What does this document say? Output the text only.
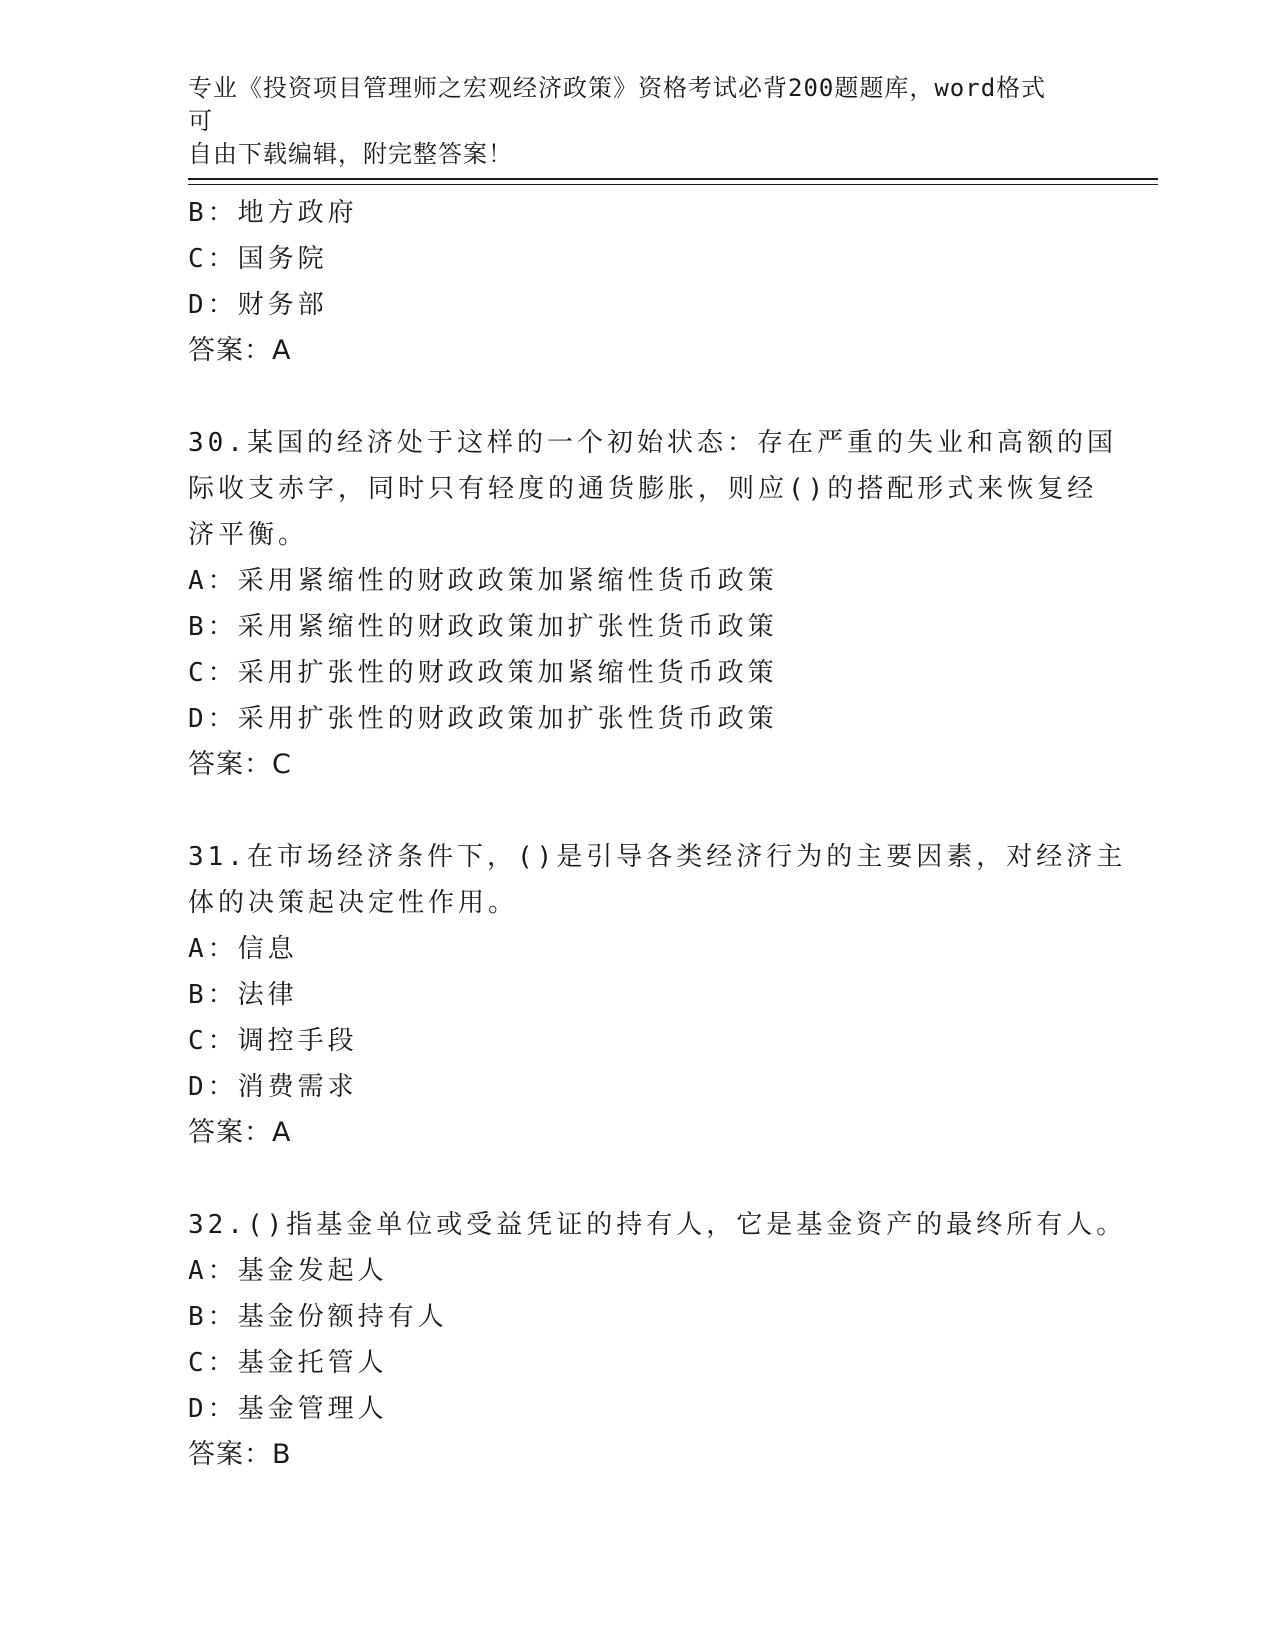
专业《投资项目管理师之宏观经济政策》资格考试必背200题题库，word格式可
自由下载编辑，附完整答案！
B：地方政府
C：国务院
D：财务部
答案：A
30.某国的经济处于这样的一个初始状态：存在严重的失业和高额的国
际收支赤字，同时只有轻度的通货膨胀，则应()的搭配形式来恢复经
济平衡。
A：采用紧缩性的财政政策加紧缩性货币政策
B：采用紧缩性的财政政策加扩张性货币政策
C：采用扩张性的财政政策加紧缩性货币政策
D：采用扩张性的财政政策加扩张性货币政策
答案：C
31.在市场经济条件下，()是引导各类经济行为的主要因素，对经济主
体的决策起决定性作用。
A：信息
B：法律
C：调控手段
D：消费需求
答案：A
32.()指基金单位或受益凭证的持有人，它是基金资产的最终所有人。
A：基金发起人
B：基金份额持有人
C：基金托管人
D：基金管理人
答案：B
